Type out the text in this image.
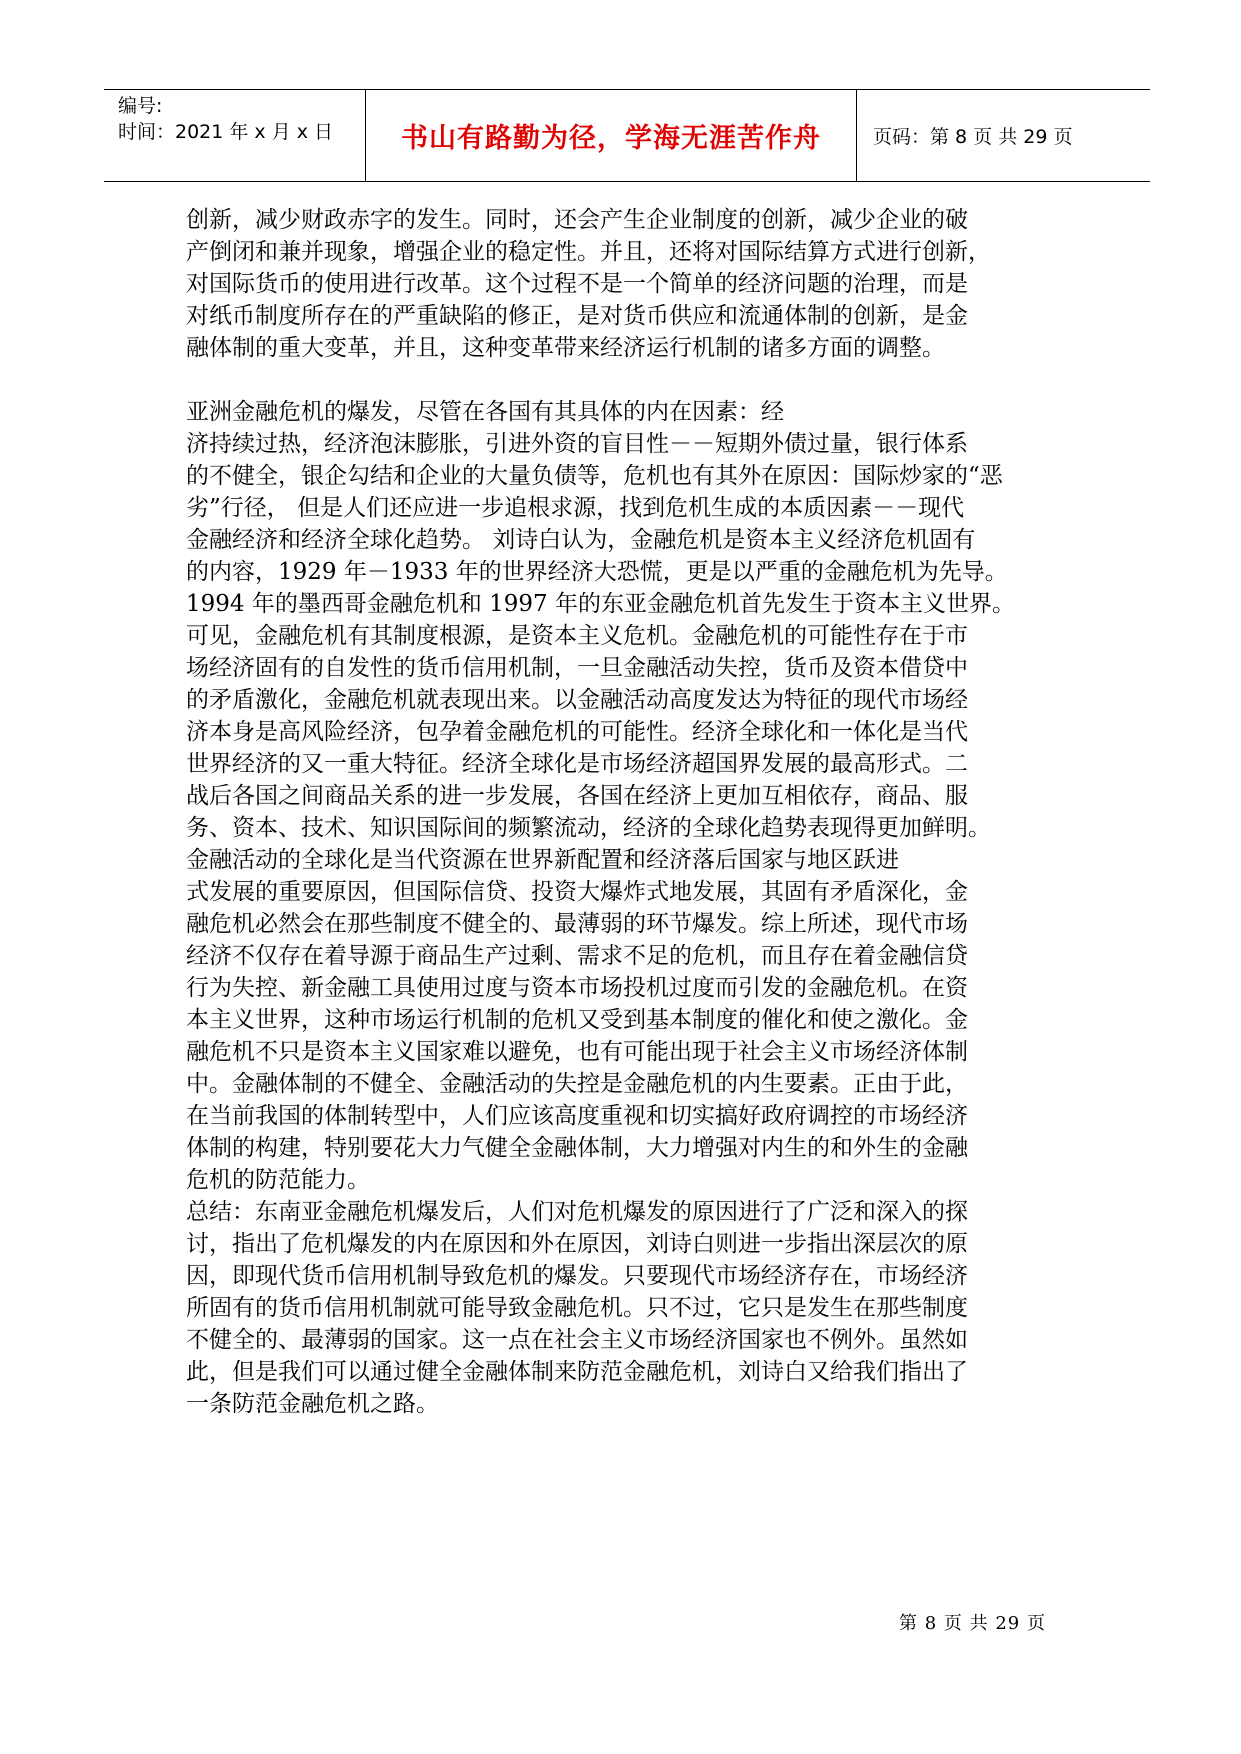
编号:
时间：2021 年 x 月 x 日	书山有路勤为径，学海无涯苦作舟	页码：第 8 页 共 29 页
创新，减少财政赤字的发生。同时，还会产生企业制度的创新，减少企业的破
产倒闭和兼并现象，增强企业的稳定性。并且，还将对国际结算方式进行创新，
对国际货币的使用进行改革。这个过程不是一个简单的经济问题的治理，而是
对纸币制度所存在的严重缺陷的修正，是对货币供应和流通体制的创新，是金
融体制的重大变革，并且，这种变革带来经济运行机制的诸多方面的调整。
亚洲金融危机的爆发，尽管在各国有其具体的内在因素：经
济持续过热，经济泡沫膨胀，引进外资的盲目性－－短期外债过量，银行体系
的不健全，银企勾结和企业的大量负债等，危机也有其外在原因：国际炒家的“恶
劣”行径， 但是人们还应进一步追根求源，找到危机生成的本质因素－－现代
金融经济和经济全球化趋势。 刘诗白认为，金融危机是资本主义经济危机固有
的内容，1929 年－1933 年的世界经济大恐慌，更是以严重的金融危机为先导。
1994 年的墨西哥金融危机和 1997 年的东亚金融危机首先发生于资本主义世界。
可见，金融危机有其制度根源，是资本主义危机。金融危机的可能性存在于市
场经济固有的自发性的货币信用机制，一旦金融活动失控，货币及资本借贷中
的矛盾激化，金融危机就表现出来。以金融活动高度发达为特征的现代市场经
济本身是高风险经济，包孕着金融危机的可能性。经济全球化和一体化是当代
世界经济的又一重大特征。经济全球化是市场经济超国界发展的最高形式。二
战后各国之间商品关系的进一步发展，各国在经济上更加互相依存，商品、服
务、资本、技术、知识国际间的频繁流动，经济的全球化趋势表现得更加鲜明。
金融活动的全球化是当代资源在世界新配置和经济落后国家与地区跃进
式发展的重要原因，但国际信贷、投资大爆炸式地发展，其固有矛盾深化，金
融危机必然会在那些制度不健全的、最薄弱的环节爆发。综上所述，现代市场
经济不仅存在着导源于商品生产过剩、需求不足的危机，而且存在着金融信贷
行为失控、新金融工具使用过度与资本市场投机过度而引发的金融危机。在资
本主义世界，这种市场运行机制的危机又受到基本制度的催化和使之激化。金
融危机不只是资本主义国家难以避免，也有可能出现于社会主义市场经济体制
中。金融体制的不健全、金融活动的失控是金融危机的内生要素。正由于此，
在当前我国的体制转型中，人们应该高度重视和切实搞好政府调控的市场经济
体制的构建，特别要花大力气健全金融体制，大力增强对内生的和外生的金融
危机的防范能力。
总结：东南亚金融危机爆发后，人们对危机爆发的原因进行了广泛和深入的探
讨，指出了危机爆发的内在原因和外在原因，刘诗白则进一步指出深层次的原
因，即现代货币信用机制导致危机的爆发。只要现代市场经济存在，市场经济
所固有的货币信用机制就可能导致金融危机。只不过，它只是发生在那些制度
不健全的、最薄弱的国家。这一点在社会主义市场经济国家也不例外。虽然如
此，但是我们可以通过健全金融体制来防范金融危机，刘诗白又给我们指出了
一条防范金融危机之路。
第 8 页 共 29 页
